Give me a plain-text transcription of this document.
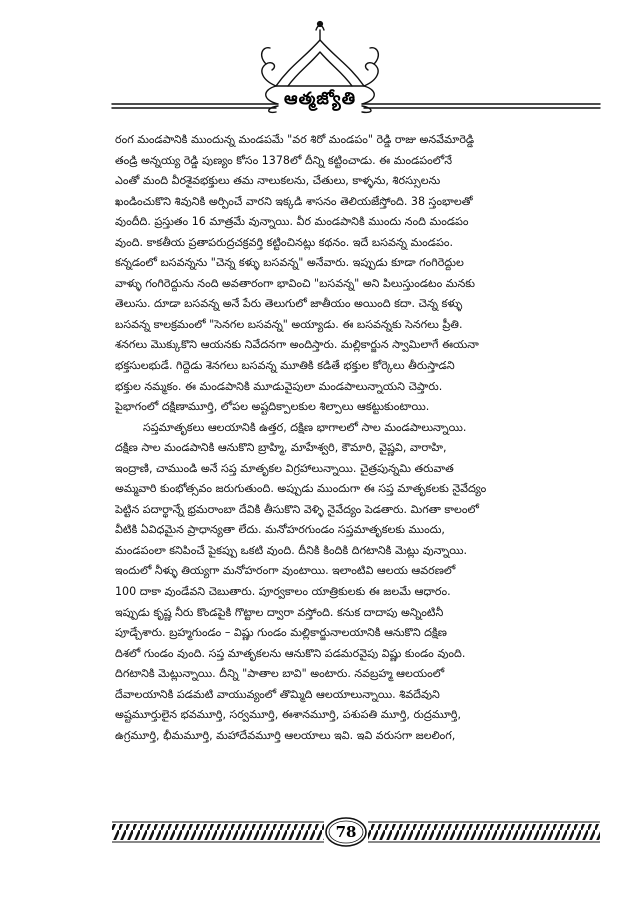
ఆత్మజ్యోతి
రంగ మండపానికి ముందున్న మండపమే "వర శిరో మండపం" రెడ్డి రాజు అనవేమారెడ్డి
తండ్రి అన్నయ్య రెడ్డి పుణ్యం కోసం 1378లో దీన్ని కట్టించాడు. ఈ మండపంలోనే
ఎంతో మంది వీరశైవభక్తులు తమ నాలుకలను, చేతులు, కాళ్ళను, శిరస్సులను
ఖండించుకొని శివునికి అర్పించే వారని ఇక్కడి శాసనం తెలియజేస్తోంది. 38 స్తంభాలతో
వుందీది. ప్రస్తుతం 16 మాత్రమే వున్నాయి. వీర మండపానికి ముందు నంది మండపం
వుంది. కాకతీయ ప్రతాపరుద్రచక్రవర్తి కట్టించినట్లు కథనం. ఇదే బసవన్న మండపం.
కన్నడంలో బసవన్నను "చెన్న కళ్ళు బసవన్న" అనేవారు. ఇప్పుడు కూడా గంగిరెద్దుల
వాళ్ళు గంగిరెద్దును నంది అవతారంగా భావించి "బసవన్న" అని పిలుస్తుండటం మనకు
తెలుసు. దూడా బసవన్న అనే పేరు తెలుగులో జాతీయం అయింది కదా. చెన్న కళ్ళు
బసవన్న కాలక్రమంలో "సెనగల బసవన్న" అయ్యాడు. ఈ బసవన్నకు సెనగలు ప్రీతి.
శనగలు మొక్కుకొని ఆయనకు నివేదనగా అందిస్తారు. మల్లికార్జున స్వామిలాగే ఈయనా
భక్తసులభుడే. గిద్దెడు శెనగలు బసవన్న మూతికి కడితే భక్తుల కోర్కెలు తీరుస్తాడని
భక్తుల నమ్మకం. ఈ మండపానికి మూడువైపులా మండపాలున్నాయని చెప్తారు.
పైభాగంలో దక్షిణామూర్తి, లోపల అష్టదిక్పాలకుల శిల్పాలు ఆకట్టుకుంటాయి.
సప్తమాతృకలు ఆలయానికి ఉత్తర, దక్షిణ భాగాలలో సాల మండపాలున్నాయి.
దక్షిణ సాల మండపానికి ఆనుకొని బ్రాహ్మి, మాహేశ్వరి, కౌమారి, వైష్ణవి, వారాహి,
ఇంద్రాణి, చాముండి అనే సప్త మాతృకల విగ్రహాలున్నాయి. చైత్రపున్నమి తరువాత
అమ్మవారి కుంభోత్సవం జరుగుతుంది. అప్పుడు ముందుగా ఈ సప్త మాతృకలకు నైవేద్యం
పెట్టిన పదార్థాన్నే భ్రమరాంబా దేవికి తీసుకొని వెళ్ళి నైవేద్యం పెడతారు. మిగతా కాలంలో
వీటికి ఏవిధమైన ప్రాధాన్యతా లేదు. మనోహరగుండం సప్తమాతృకలకు ముందు,
మండపంలా కనిపించే పైకప్పు ఒకటి వుంది. దీనికి కిందికి దిగటానికి మెట్లు వున్నాయి.
ఇందులో నీళ్ళు తియ్యగా మనోహరంగా వుంటాయి. ఇలాంటివి ఆలయ ఆవరణలో
100 దాకా వుండేవని చెబుతారు. పూర్వకాలం యాత్రికులకు ఈ జలమే ఆధారం.
ఇప్పుడు కృష్ణ నీరు కొండపైకి గొట్టాల ద్వారా వస్తోంది. కనుక దాదాపు అన్నింటినీ
పూడ్చేశారు. బ్రహ్మగుండం – విష్ణు గుండం మల్లికార్జునాలయానికి ఆనుకొని దక్షిణ
దిశలో గుండం వుంది. సప్త మాతృకలను ఆనుకొని పడమరవైపు విష్ణు కుండం వుంది.
దిగటానికి మెట్లున్నాయి. దీన్ని "పాతాల బావి" అంటారు. నవబ్రహ్మ ఆలయంలో
దేవాలయానికి పడమటి వాయువ్యంలో తొమ్మిది ఆలయాలున్నాయి. శివదేవుని
అష్టమూర్తులైన భవమూర్తి, సర్వమూర్తి, ఈశానమూర్తి, పశుపతి మూర్తి, రుద్రమూర్తి,
ఉగ్రమూర్తి, భీమమూర్తి, మహాదేవమూర్తి ఆలయాలు ఇవి. ఇవి వరుసగా జలలింగ,
78
